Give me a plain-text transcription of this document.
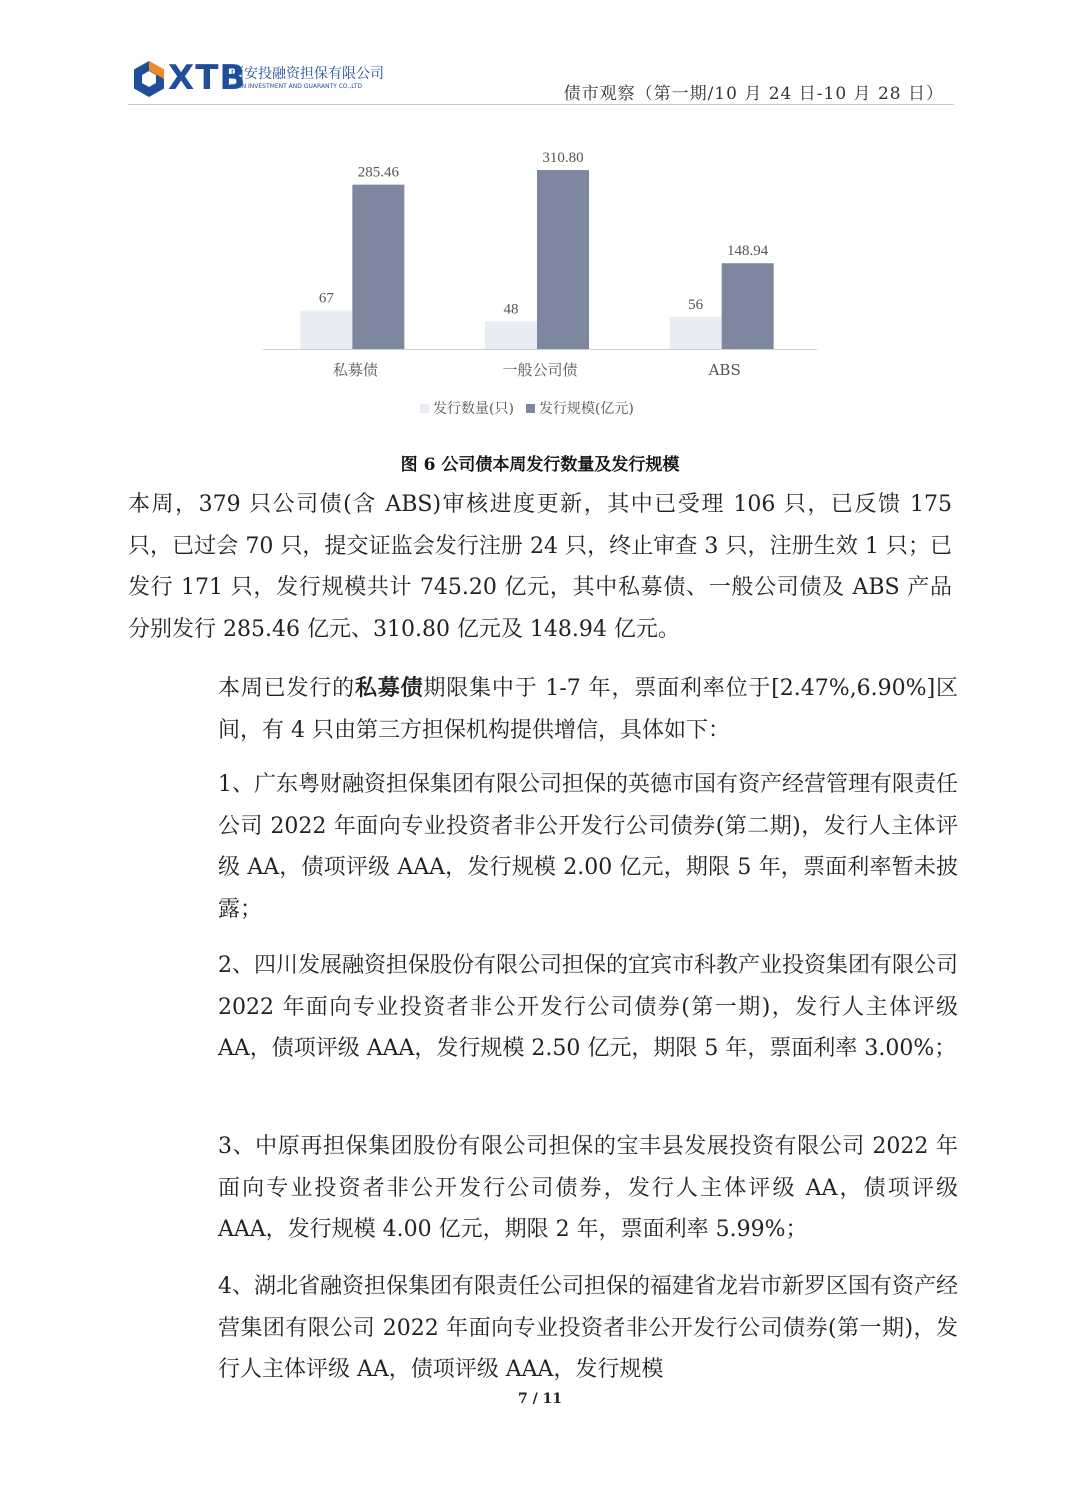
XTB
西安投融资担保有限公司
XI'AN INVESTMENT AND GUARANTY CO.,LTD	债市观察（第一期/10 月 24 日-10 月 28 日）
67
285.46
私募债
48
310.80
一般公司债
56
148.94
ABS
发行数量(只) 发行规模(亿元)
图 6 公司债本周发行数量及发行规模

本周，379 只公司债(含 ABS)审核进度更新，其中已受理 106 只，已反馈 175 只，已过会 70 只，提交证监会发行注册 24 只，终止审查 3 只，注册生效 1 只；已发行 171 只，发行规模共计 745.20 亿元，其中私募债、一般公司债及 ABS 产品分别发行 285.46 亿元、310.80 亿元及 148.94 亿元。

本周已发行的私募债期限集中于 1-7 年，票面利率位于[2.47%,6.90%]区间，有 4 只由第三方担保机构提供增信，具体如下：

1、广东粤财融资担保集团有限公司担保的英德市国有资产经营管理有限责任公司 2022 年面向专业投资者非公开发行公司债券(第二期)，发行人主体评级 AA，债项评级 AAA，发行规模 2.00 亿元，期限 5 年，票面利率暂未披露；

2、四川发展融资担保股份有限公司担保的宜宾市科教产业投资集团有限公司 2022 年面向专业投资者非公开发行公司债券(第一期)，发行人主体评级 AA，债项评级 AAA，发行规模 2.50 亿元，期限 5 年，票面利率 3.00%；

3、中原再担保集团股份有限公司担保的宝丰县发展投资有限公司 2022 年面向专业投资者非公开发行公司债券，发行人主体评级 AA，债项评级 AAA，发行规模 4.00 亿元，期限 2 年，票面利率 5.99%；

4、湖北省融资担保集团有限责任公司担保的福建省龙岩市新罗区国有资产经营集团有限公司 2022 年面向专业投资者非公开发行公司债券(第一期)，发行人主体评级 AA，债项评级 AAA，发行规模

7 / 11
